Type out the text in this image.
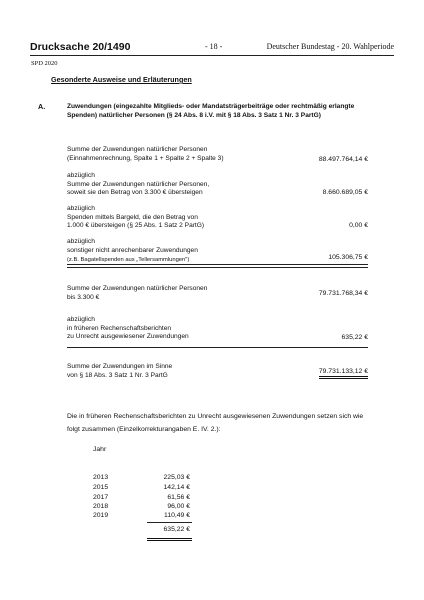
Drucksache 20/1490	- 18 -	Deutscher Bundestag - 20. Wahlperiode
SPD 2020
Gesonderte Ausweise und Erläuterungen
A.	Zuwendungen (eingezahlte Mitglieds- oder Mandatsträgerbeiträge oder rechtmäßig erlangte Spenden) natürlicher Personen (§ 24 Abs. 8 i.V. mit § 18 Abs. 3 Satz 1 Nr. 3 PartG)
Summe der Zuwendungen natürlicher Personen
(Einnahmenrechnung, Spalte 1 + Spalte 2 + Spalte 3)	88.497.764,14 €
abzüglich
Summe der Zuwendungen natürlicher Personen,
soweit sie den Betrag von 3.300 € übersteigen	8.660.689,05 €
abzüglich
Spenden mittels Bargeld, die den Betrag von
1.000 € übersteigen (§ 25 Abs. 1 Satz 2 PartG)	0,00 €
abzüglich
sonstiger nicht anrechenbarer Zuwendungen
(z.B. Bagatellspenden aus „Tellersammlungen")	105.306,75 €
Summe der Zuwendungen natürlicher Personen
bis 3.300 €	79.731.768,34 €
abzüglich
in früheren Rechenschaftsberichten
zu Unrecht ausgewiesener Zuwendungen	635,22 €
Summe der Zuwendungen im Sinne
von § 18 Abs. 3 Satz 1 Nr. 3 PartG	79.731.133,12 €
Die in früheren Rechenschaftsberichten zu Unrecht ausgewiesenen Zuwendungen setzen sich wie folgt zusammen (Einzelkorrekturangaben E. IV. 2.):
Jahr
2013	225,03 €
2015	142,14 €
2017	61,56 €
2018	96,00 €
2019	110,49 €
635,22 €
